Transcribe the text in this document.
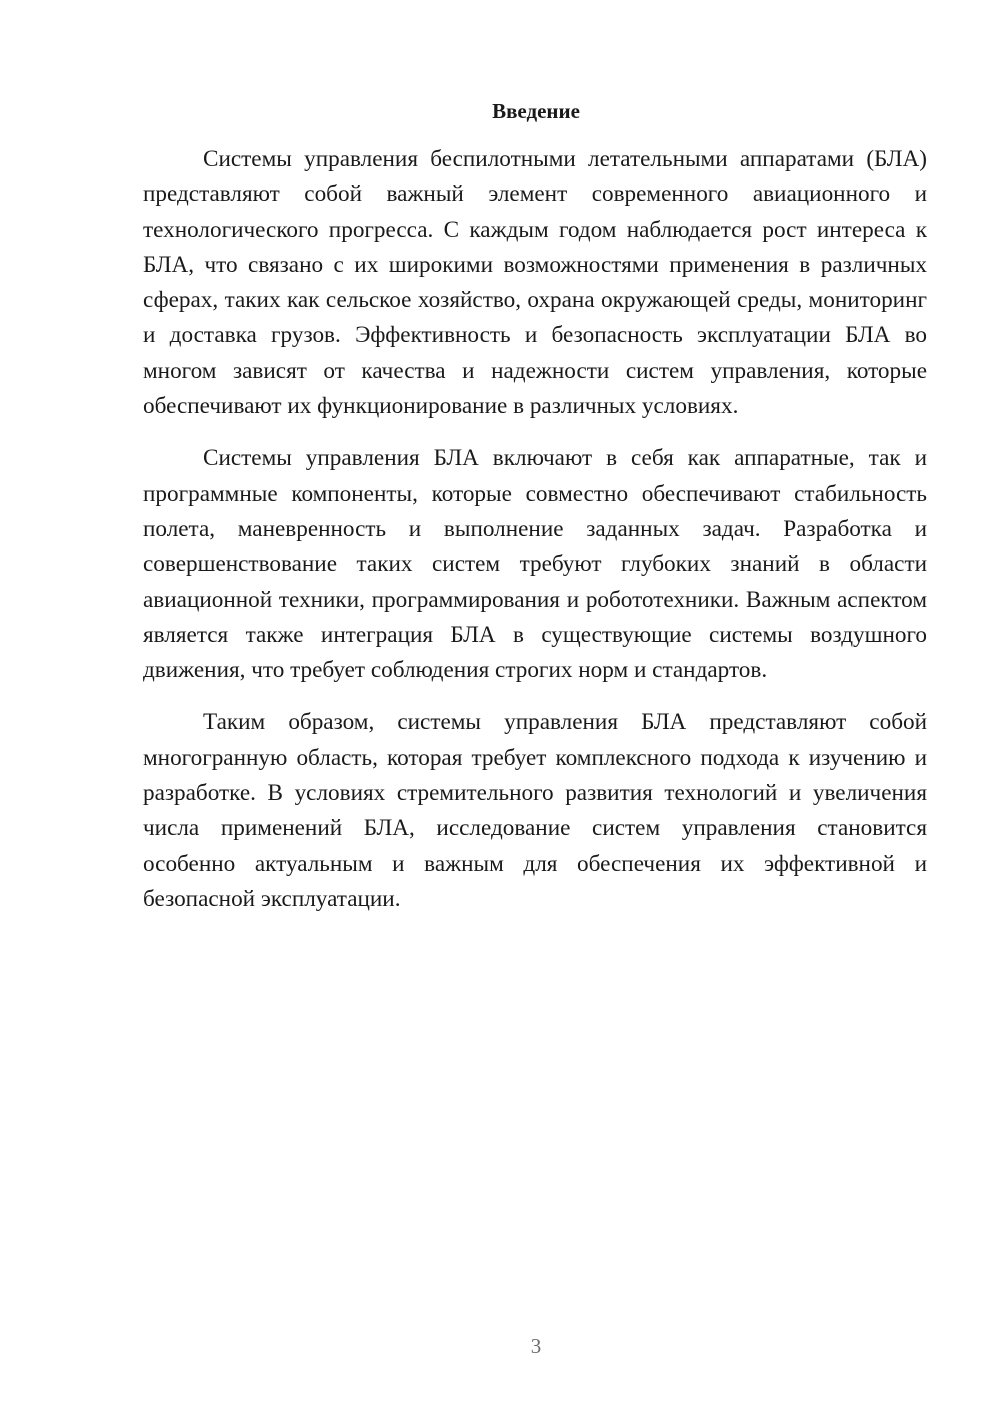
Введение

Системы управления беспилотными летательными аппаратами (БЛА) представляют собой важный элемент современного авиационного и технологического прогресса. С каждым годом наблюдается рост интереса к БЛА, что связано с их широкими возможностями применения в различных сферах, таких как сельское хозяйство, охрана окружающей среды, мониторинг и доставка грузов. Эффективность и безопасность эксплуатации БЛА во многом зависят от качества и надежности систем управления, которые обеспечивают их функционирование в различных условиях.

Системы управления БЛА включают в себя как аппаратные, так и программные компоненты, которые совместно обеспечивают стабильность полета, маневренность и выполнение заданных задач. Разработка и совершенствование таких систем требуют глубоких знаний в области авиационной техники, программирования и робототехники. Важным аспектом является также интеграция БЛА в существующие системы воздушного движения, что требует соблюдения строгих норм и стандартов.

Таким образом, системы управления БЛА представляют собой многогранную область, которая требует комплексного подхода к изучению и разработке. В условиях стремительного развития технологий и увеличения числа применений БЛА, исследование систем управления становится особенно актуальным и важным для обеспечения их эффективной и безопасной эксплуатации.

3
